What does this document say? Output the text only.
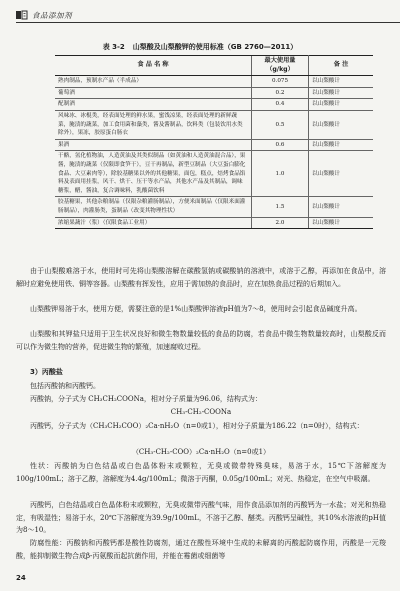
食品添加剂
表 3-2 山梨酸及山梨酸钾的使用标准（GB 2760—2011）
食 品 名 称	最大使用量（g/kg）	备 注
熟肉制品，预制水产品（半成品）	0.075	以山梨酸计
葡萄酒	0.2	以山梨酸计
配制酒	0.4	以山梨酸计
风味冰、冰棍类，经表面处理的鲜水果，蜜饯凉果，经表面处理的新鲜蔬菜，腌渍的蔬菜，加工食用菌和藻类，酱及酱制品，饮料类（包装饮用水类除外），果冻，胶原蛋白肠衣	0.5	以山梨酸计
果酒	0.6	以山梨酸计
干酪，氢化植物油，人造黄油及其类似制品（如黄油和人造黄油混合品），果酱，腌渍的蔬菜（仅限即食笋干），豆干再制品，新型豆制品（大豆蛋白膨化食品、大豆素肉等），除胶基糖果以外的其他糖果，面包，糕点，焙烤食品馅料及表面用挂浆，风干、烘干、压干等水产品，其他水产品及其制品，调味糖浆，醋，酱油，复合调味料，乳酸菌饮料	1.0	以山梨酸计
胶基糖果，其他杂粮制品（仅限杂粮灌肠制品），方便米面制品（仅限米面灌肠制品），肉灌肠类，蛋制品（改变其物理性状）	1.5	以山梨酸计
浓缩果蔬汁（浆）（仅限食品工业用）	2.0	以山梨酸计

由于山梨酸难溶于水，使用时可先将山梨酸溶解在碳酸氢钠或碳酸钠的溶液中，或溶于乙醇，再添加在食品中，溶解时应避免使用铁、铜等容器。山梨酸有挥发性，应用于需加热的食品时，应在加热食品过程的后期加入。

山梨酸钾易溶于水，使用方便，需要注意的是1%山梨酸钾溶液pH值为7～8，使用时会引起食品碱度升高。

山梨酸和其钾盐只适用于卫生状况良好和微生物数量较低的食品的防腐，若食品中微生物数量较高时，山梨酸反而可以作为微生物的营养，促进微生物的繁殖，加速腐败过程。

3）丙酸盐

包括丙酸钠和丙酸钙。

丙酸钠，分子式为 CH₃CH₂COONa，相对分子质量为96.06，结构式为：

CH₃-CH₂-COONa

丙酸钙，分子式为（CH₃CH₂COO）₂Ca·nH₂O（n=0或1），相对分子质量为186.22（n=0时），结构式：

（CH₃-CH₂-COO）₂Ca·nH₂O（n=0或1）

性状：丙酸钠为白色结晶或白色晶体粉末或颗粒，无臭或微带特殊臭味，易溶于水，15℃下溶解度为100g/100mL；溶于乙醇，溶解度为4.4g/100mL；微溶于丙酮，0.05g/100mL；对光、热稳定，在空气中吸潮。

丙酸钙，白色结晶或白色晶体粉末或颗粒，无臭或微带丙酸气味，用作食品添加剂的丙酸钙为一水盐；对光和热稳定，有吸湿性；易溶于水，20℃下溶解度为39.9g/100mL，不溶于乙醇、醚类。丙酸钙呈碱性，其10%水溶液的pH值为8～10。

防腐性能：丙酸钠和丙酸钙都是酸性防腐剂，通过在酸性环境中生成的未解离的丙酸起防腐作用，丙酸是一元羧酸，能抑制微生物合成β-丙氨酸而起抗菌作用，并能在霉菌或细菌等

24
